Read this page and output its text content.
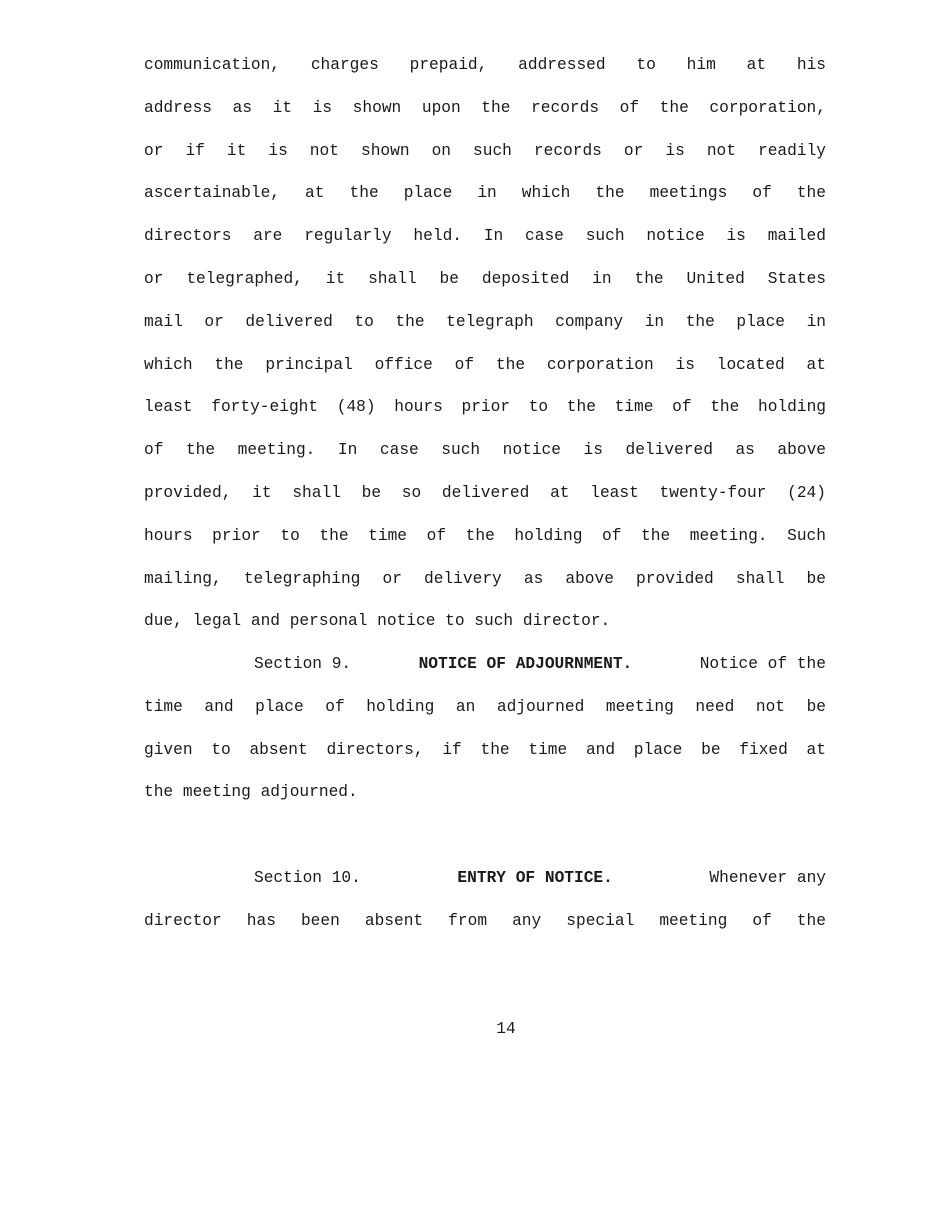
communication, charges prepaid, addressed to him at his
address as it is shown upon the records of the corporation,
or if it is not shown on such records or is not readily
ascertainable, at the place in which the meetings of the
directors are regularly held. In case such notice is mailed
or telegraphed, it shall be deposited in the United States
mail or delivered to the telegraph company in the place in
which the principal office of the corporation is located at
least forty-eight (48) hours prior to the time of the holding
of the meeting. In case such notice is delivered as above
provided, it shall be so delivered at least twenty-four (24)
hours prior to the time of the holding of the meeting. Such
mailing, telegraphing or delivery as above provided shall be
due, legal and personal notice to such director.
Section 9.	NOTICE OF ADJOURNMENT.	Notice of the
time and place of holding an adjourned meeting need not be
given to absent directors, if the time and place be fixed at
the meeting adjourned.
Section 10.	ENTRY OF NOTICE.	Whenever any
director has been absent from any special meeting of the
14
